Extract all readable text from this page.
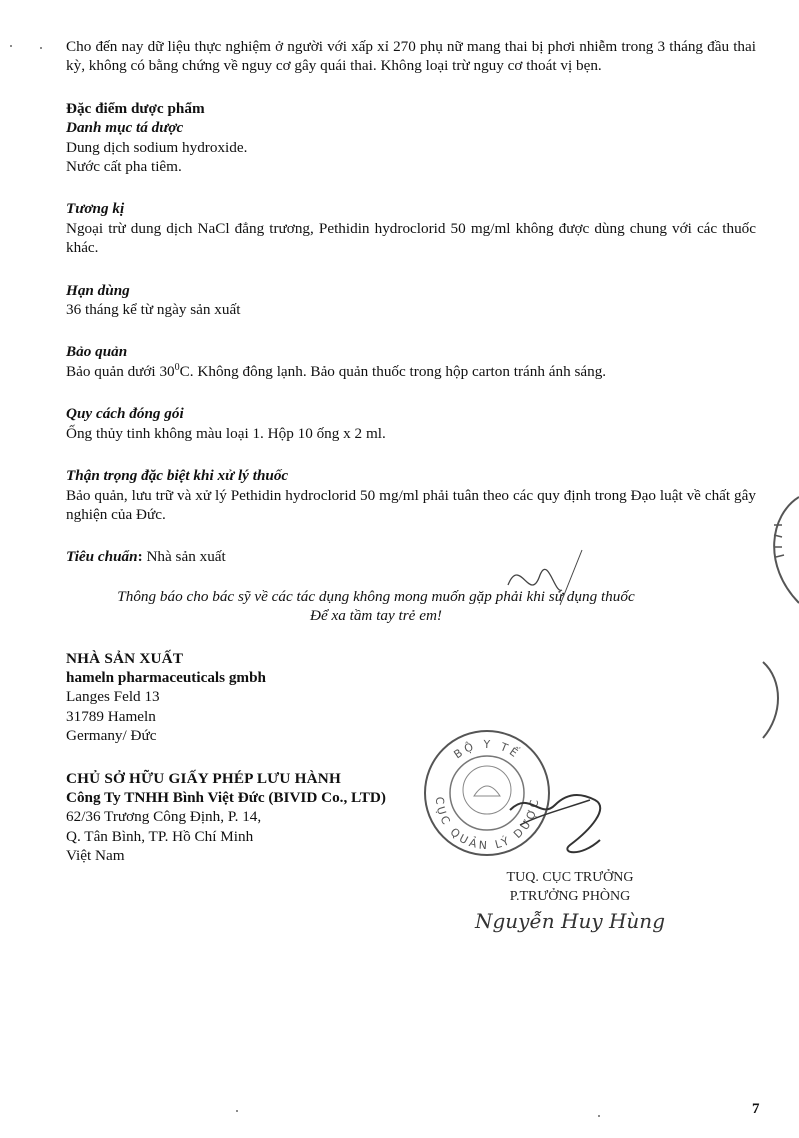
Cho đến nay dữ liệu thực nghiệm ở người với xấp xỉ 270 phụ nữ mang thai bị phơi nhiễm trong 3 tháng đầu thai kỳ, không có bằng chứng về nguy cơ gây quái thai. Không loại trừ nguy cơ thoát vị bẹn.

Đặc điểm dược phẩm

Danh mục tá dược

Dung dịch sodium hydroxide.

Nước cất pha tiêm.

Tương kị

Ngoại trừ dung dịch NaCl đẳng trương, Pethidin hydroclorid 50 mg/ml không được dùng chung với các thuốc khác.

Hạn dùng

36 tháng kể từ ngày sản xuất

Bảo quản

Bảo quản dưới $30^0C$. Không đông lạnh. Bảo quản thuốc trong hộp carton tránh ánh sáng.

Quy cách đóng gói

Ống thủy tinh không màu loại 1. Hộp 10 ống x 2 ml.

Thận trọng đặc biệt khi xử lý thuốc

Bảo quản, lưu trữ và xử lý Pethidin hydroclorid 50 mg/ml phải tuân theo các quy định trong Đạo luật về chất gây nghiện của Đức.

Tiêu chuẩn: Nhà sản xuất

Thông báo cho bác sỹ về các tác dụng không mong muốn gặp phải khi sử dụng thuốc

Để xa tầm tay trẻ em!

NHÀ SẢN XUẤT

hameln pharmaceuticals gmbh

Langes Feld 13

31789 Hameln

Germany/ Đức

CHỦ SỞ HỮU GIẤY PHÉP LƯU HÀNH

Công Ty TNHH Bình Việt Đức (BIVID Co., LTD)

62/36 Trương Công Định, P. 14,

Q. Tân Bình, TP. Hồ Chí Minh

Việt Nam

BỘ Y TẾ
CỤC QUẢN LÝ DƯỢC
TUQ. CỤC TRƯỞNG
P.TRƯỞNG PHÒNG
Nguyễn Huy Hùng
7
